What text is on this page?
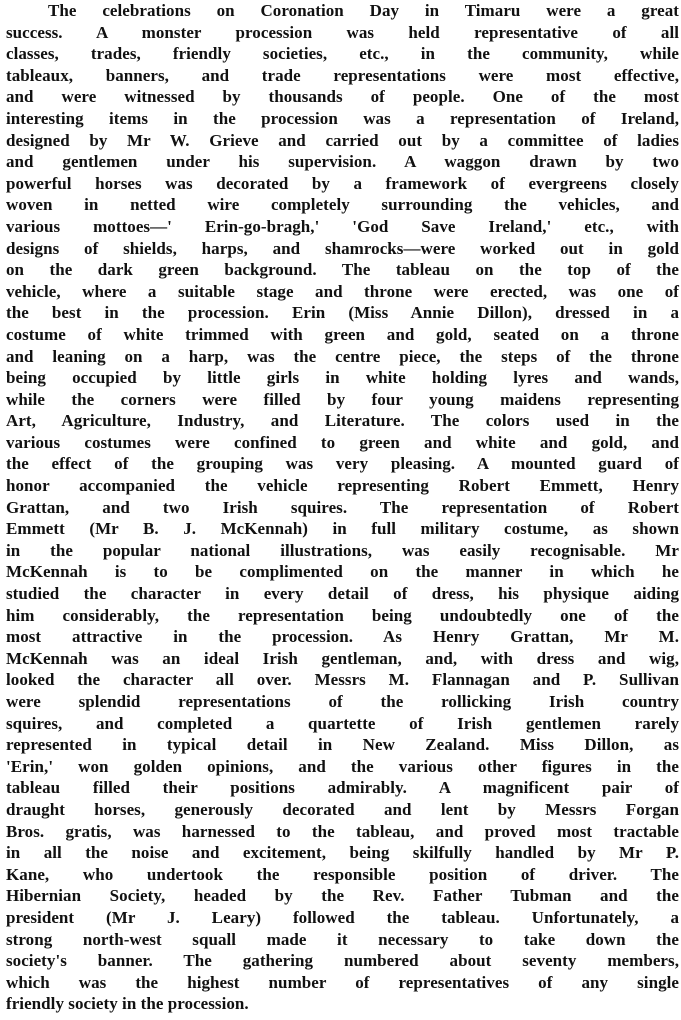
The celebrations on Coronation Day in Timaru were a great
success. A monster procession was held representative of all
classes, trades, friendly societies, etc., in the community, while
tableaux, banners, and trade representations were most effective,
and were witnessed by thousands of people. One of the most
interesting items in the procession was a representation of Ireland,
designed by Mr W. Grieve and carried out by a committee of ladies
and gentlemen under his supervision. A waggon drawn by two
powerful horses was decorated by a framework of evergreens closely
woven in netted wire completely surrounding the vehicles, and
various mottoes—' Erin-go-bragh,' 'God Save Ireland,' etc., with
designs of shields, harps, and shamrocks—were worked out in gold
on the dark green background. The tableau on the top of the
vehicle, where a suitable stage and throne were erected, was one of
the best in the procession. Erin (Miss Annie Dillon), dressed in a
costume of white trimmed with green and gold, seated on a throne
and leaning on a harp, was the centre piece, the steps of the throne
being occupied by little girls in white holding lyres and wands,
while the corners were filled by four young maidens representing
Art, Agriculture, Industry, and Literature. The colors used in the
various costumes were confined to green and white and gold, and
the effect of the grouping was very pleasing. A mounted guard of
honor accompanied the vehicle representing Robert Emmett, Henry
Grattan, and two Irish squires. The representation of Robert
Emmett (Mr B. J. McKennah) in full military costume, as shown
in the popular national illustrations, was easily recognisable. Mr
McKennah is to be complimented on the manner in which he
studied the character in every detail of dress, his physique aiding
him considerably, the representation being undoubtedly one of the
most attractive in the procession. As Henry Grattan, Mr M.
McKennah was an ideal Irish gentleman, and, with dress and wig,
looked the character all over. Messrs M. Flannagan and P. Sullivan
were splendid representations of the rollicking Irish country
squires, and completed a quartette of Irish gentlemen rarely
represented in typical detail in New Zealand. Miss Dillon, as
'Erin,' won golden opinions, and the various other figures in the
tableau filled their positions admirably. A magnificent pair of
draught horses, generously decorated and lent by Messrs Forgan
Bros. gratis, was harnessed to the tableau, and proved most tractable
in all the noise and excitement, being skilfully handled by Mr P.
Kane, who undertook the responsible position of driver. The
Hibernian Society, headed by the Rev. Father Tubman and the
president (Mr J. Leary) followed the tableau. Unfortunately, a
strong north-west squall made it necessary to take down the
society's banner. The gathering numbered about seventy members,
which was the highest number of representatives of any single
friendly society in the procession.
